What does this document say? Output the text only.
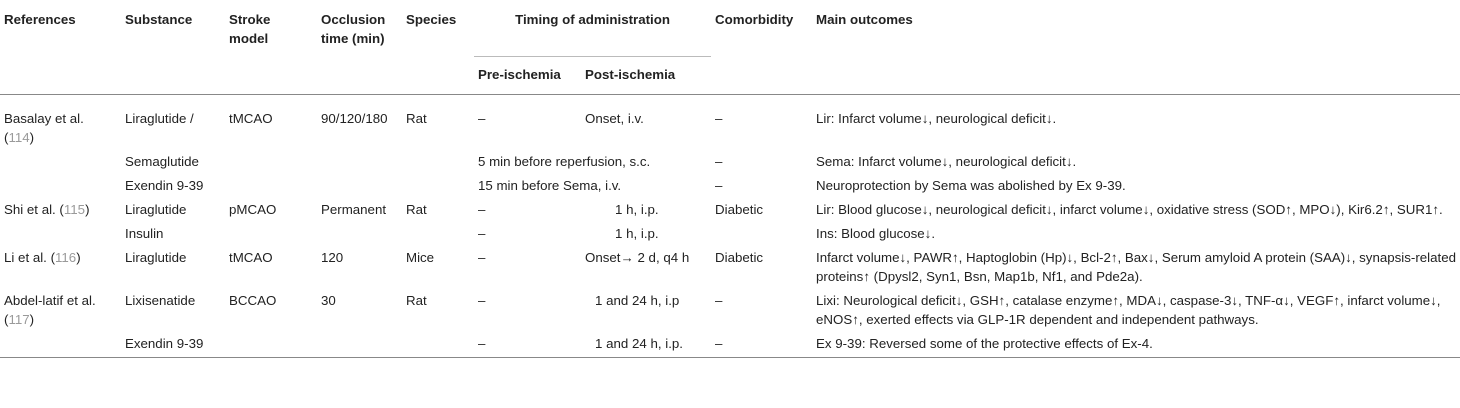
References	Substance	Stroke model	Occlusion time (min)	Species	Timing of administration		Comorbidity	Main outcomes
					Pre-ischemia	Post-ischemia		

Basalay et al. (114)	Liraglutide /	tMCAO	90/120/180	Rat	–	Onset, i.v.	–	Lir: Infarct volume↓, neurological deficit↓.
	Semaglutide				5 min before reperfusion, s.c.		–	Sema: Infarct volume↓, neurological deficit↓.
	Exendin 9-39				15 min before Sema, i.v.		–	Neuroprotection by Sema was abolished by Ex 9-39.
Shi et al. (115)	Liraglutide	pMCAO	Permanent	Rat	–	1 h, i.p.	Diabetic	Lir: Blood glucose↓, neurological deficit↓, infarct volume↓, oxidative stress (SOD↑, MPO↓), Kir6.2↑, SUR1↑.
	Insulin				–	1 h, i.p.		Ins: Blood glucose↓.
Li et al. (116)	Liraglutide	tMCAO	120	Mice	–	Onset→ 2 d, q4 h	Diabetic	Infarct volume↓, PAWR↑, Haptoglobin (Hp)↓, Bcl-2↑, Bax↓, Serum amyloid A protein (SAA)↓, synapsis-related proteins↑ (Dpysl2, Syn1, Bsn, Map1b, Nf1, and Pde2a).
Abdel-latif et al. (117)	Lixisenatide	BCCAO	30	Rat	–	1 and 24 h, i.p	–	Lixi: Neurological deficit↓, GSH↑, catalase enzyme↑, MDA↓, caspase-3↓, TNF-α↓, VEGF↑, infarct volume↓, eNOS↑, exerted effects via GLP-1R dependent and independent pathways.
	Exendin 9-39				–	1 and 24 h, i.p.	–	Ex 9-39: Reversed some of the protective effects of Ex-4.
